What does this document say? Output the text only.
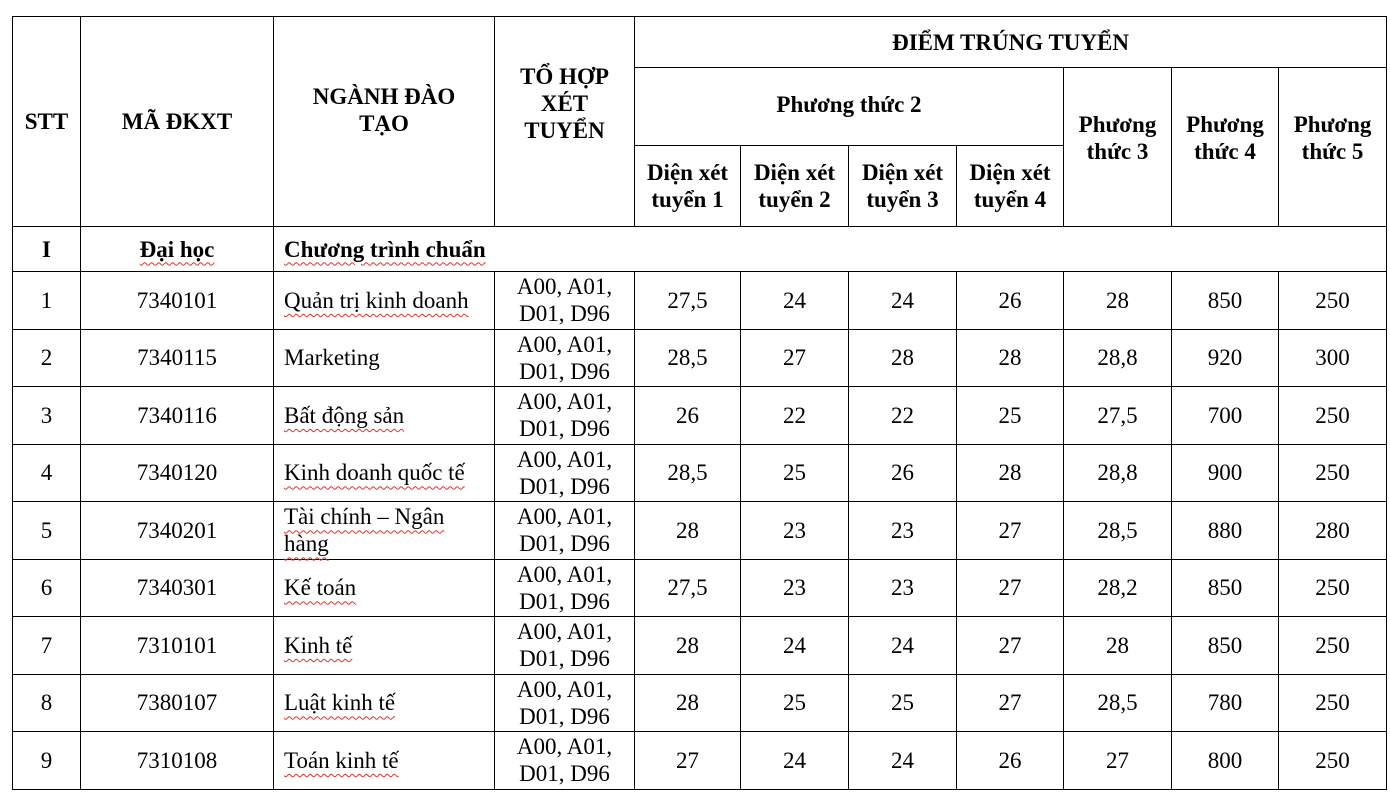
STT	MÃ ĐKXT	NGÀNH ĐÀO TẠO	TỔ HỢP XÉT TUYỂN	ĐIỂM TRÚNG TUYỂN						
				Phương thức 2				Phương thức 3	Phương thức 4	Phương thức 5

				Diện xét tuyển 1	Diện xét tuyển 2	Diện xét tuyển 3	Diện xét tuyển 4			
I	Đại học	Chương trình chuẩn								
1	7340101	Quản trị kinh doanh	A00, A01,
D01, D96	27,5	24	24	26	28	850	250
2	7340115	Marketing	A00, A01,
D01, D96	28,5	27	28	28	28,8	920	300
3	7340116	Bất động sản	A00, A01,
D01, D96	26	22	22	25	27,5	700	250
4	7340120	Kinh doanh quốc tế	A00, A01,
D01, D96	28,5	25	26	28	28,8	900	250
5	7340201	Tài chính – Ngân hàng	A00, A01,
D01, D96	28	23	23	27	28,5	880	280
6	7340301	Kế toán	A00, A01,
D01, D96	27,5	23	23	27	28,2	850	250
7	7310101	Kinh tế	A00, A01,
D01, D96	28	24	24	27	28	850	250
8	7380107	Luật kinh tế	A00, A01,
D01, D96	28	25	25	27	28,5	780	250
9	7310108	Toán kinh tế	A00, A01,
D01, D96	27	24	24	26	27	800	250
